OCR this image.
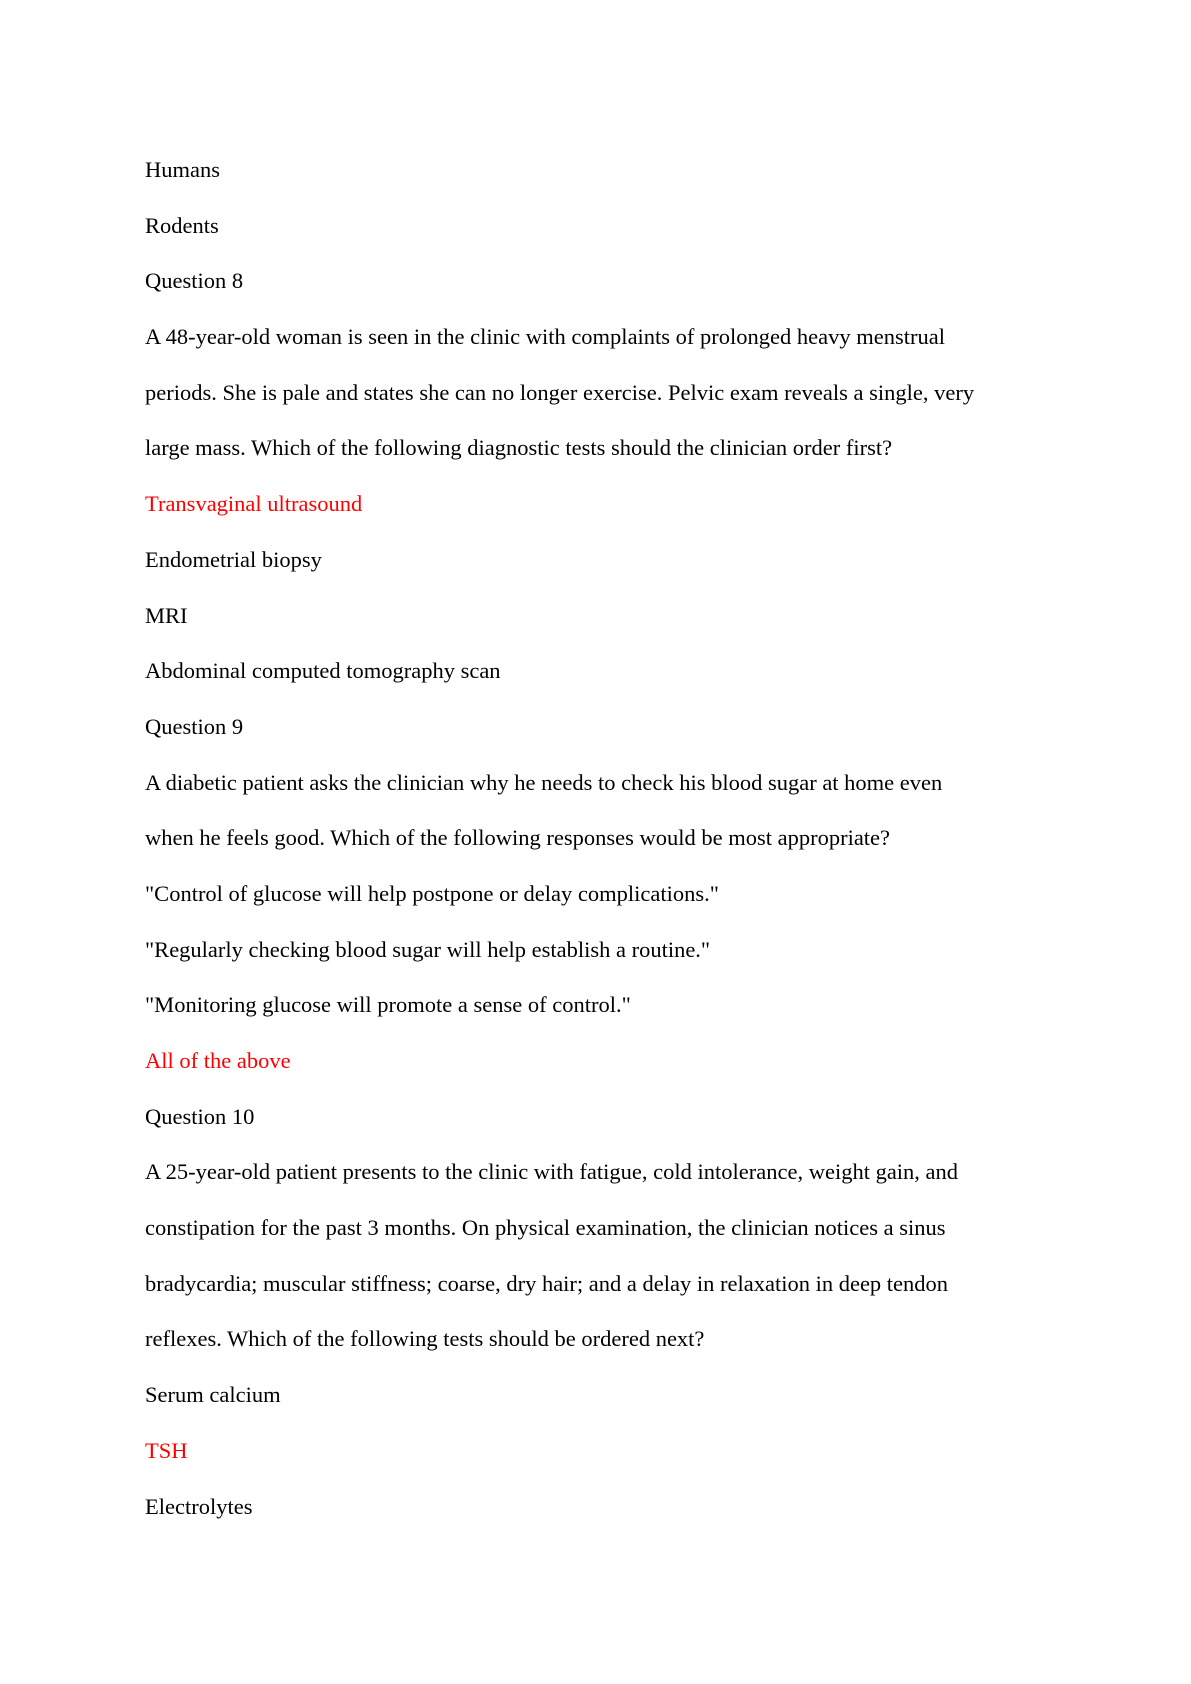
Humans
Rodents
Question 8
A 48-year-old woman is seen in the clinic with complaints of prolonged heavy menstrual
periods. She is pale and states she can no longer exercise. Pelvic exam reveals a single, very
large mass. Which of the following diagnostic tests should the clinician order first?
Transvaginal ultrasound
Endometrial biopsy
MRI
Abdominal computed tomography scan
Question 9
A diabetic patient asks the clinician why he needs to check his blood sugar at home even
when he feels good. Which of the following responses would be most appropriate?
"Control of glucose will help postpone or delay complications."
"Regularly checking blood sugar will help establish a routine."
"Monitoring glucose will promote a sense of control."
All of the above
Question 10
A 25-year-old patient presents to the clinic with fatigue, cold intolerance, weight gain, and
constipation for the past 3 months. On physical examination, the clinician notices a sinus
bradycardia; muscular stiffness; coarse, dry hair; and a delay in relaxation in deep tendon
reflexes. Which of the following tests should be ordered next?
Serum calcium
TSH
Electrolytes
